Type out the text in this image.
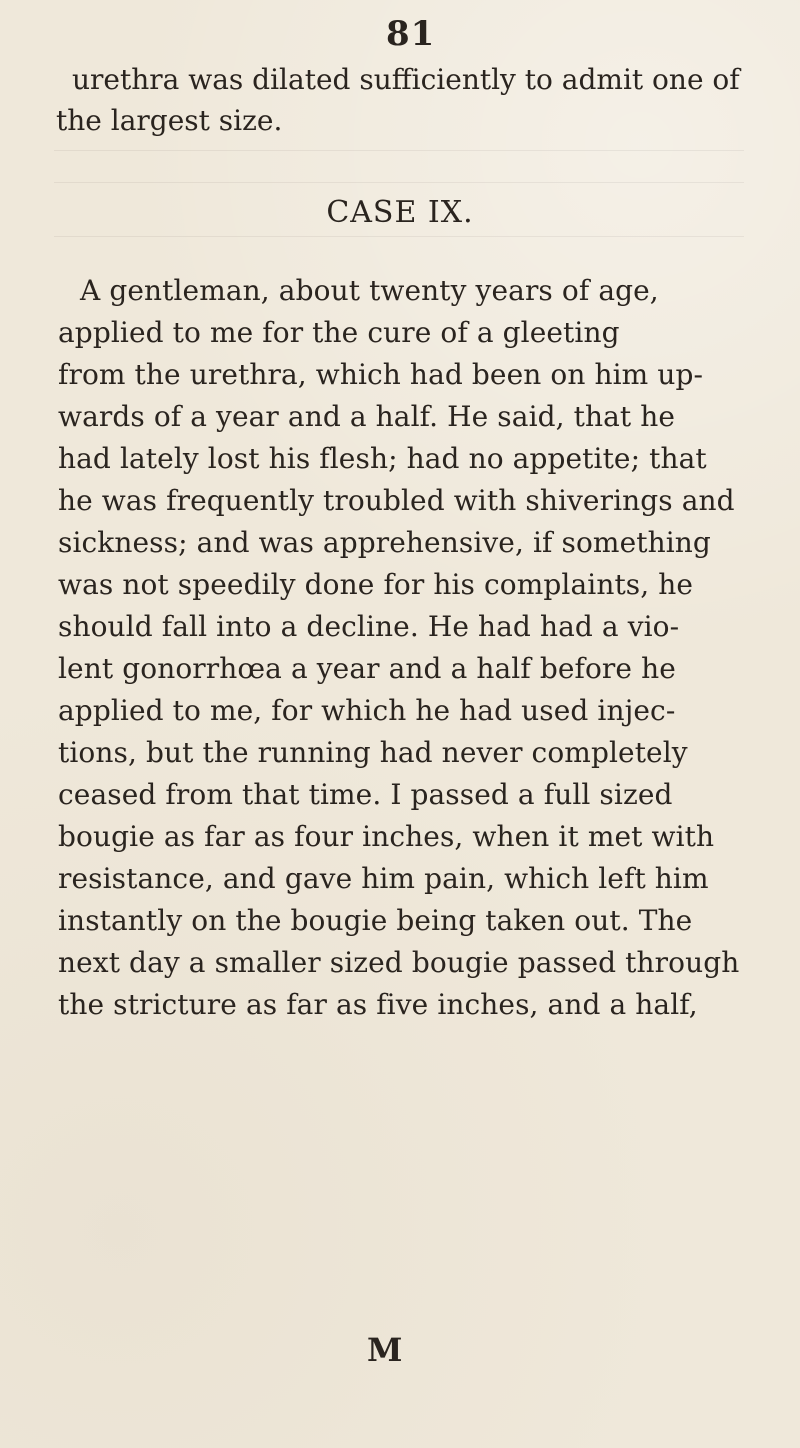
81
urethra was dilated sufficiently to admit one of
the largest size.
CASE IX.
A gentleman, about twenty years of age,
applied to me for the cure of a gleeting
from the urethra, which had been on him up-
wards of a year and a half. He said, that he
had lately lost his flesh; had no appetite; that
he was frequently troubled with shiverings and
sickness; and was apprehensive, if something
was not speedily done for his complaints, he
should fall into a decline. He had had a vio-
lent gonorrhœa a year and a half before he
applied to me, for which he had used injec-
tions, but the running had never completely
ceased from that time. I passed a full sized
bougie as far as four inches, when it met with
resistance, and gave him pain, which left him
instantly on the bougie being taken out. The
next day a smaller sized bougie passed through
the stricture as far as five inches, and a half,
M
